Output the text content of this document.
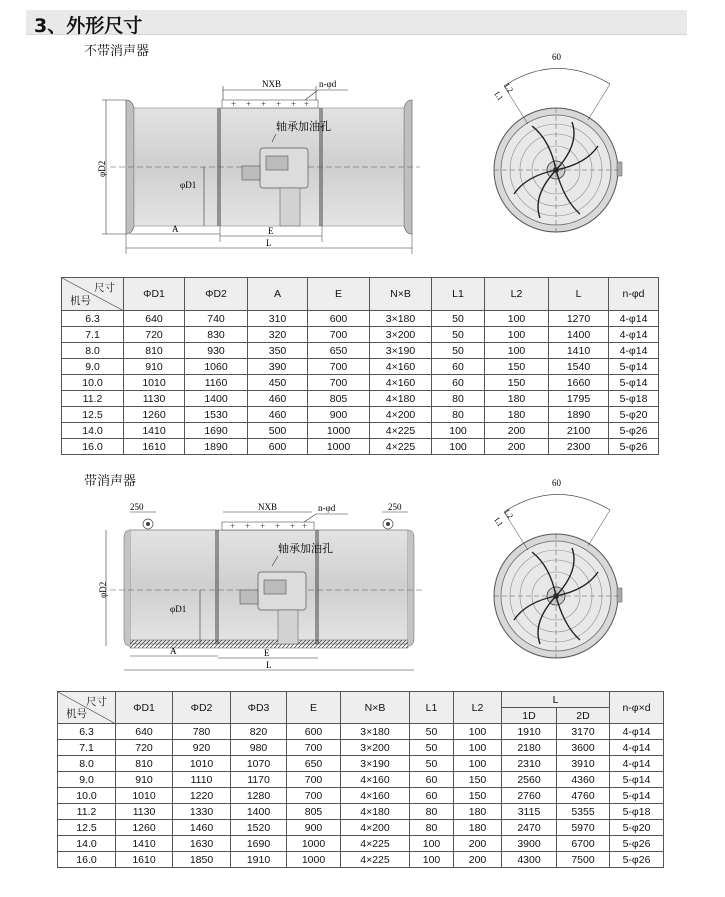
3、外形尺寸
不带消声器
+ + + + + +
NXB	n-φd
轴承加油孔
φD2
φD1
A	E
L
60
L1
L2
尺寸
机号	ΦD1	ΦD2	A	E	N×B	L1	L2	L	n-φd
6.3	640	740	310	600	3×180	50	100	1270	4-φ14
7.1	720	830	320	700	3×200	50	100	1400	4-φ14
8.0	810	930	350	650	3×190	50	100	1410	4-φ14
9.0	910	1060	390	700	4×160	60	150	1540	5-φ14
10.0	1010	1160	450	700	4×160	60	150	1660	5-φ14
11.2	1130	1400	460	805	4×180	80	180	1795	5-φ18
12.5	1260	1530	460	900	4×200	80	180	1890	5-φ20
14.0	1410	1690	500	1000	4×225	100	200	2100	5-φ26
16.0	1610	1890	600	1000	4×225	100	200	2300	5-φ26
带消声器
+ + + + + +
250	250
NXB	n-φd
轴承加油孔
φD2
φD1
A	E
L
60
L1
L2
尺寸
机号	ΦD1	ΦD2	ΦD3	E	N×B	L1	L2	L		n-φ×d
								1D	2D	
6.3	640	780	820	600	3×180	50	100	1910	3170	4-φ14
7.1	720	920	980	700	3×200	50	100	2180	3600	4-φ14
8.0	810	1010	1070	650	3×190	50	100	2310	3910	4-φ14
9.0	910	1110	1170	700	4×160	60	150	2560	4360	5-φ14
10.0	1010	1220	1280	700	4×160	60	150	2760	4760	5-φ14
11.2	1130	1330	1400	805	4×180	80	180	3115	5355	5-φ18
12.5	1260	1460	1520	900	4×200	80	180	2470	5970	5-φ20
14.0	1410	1630	1690	1000	4×225	100	200	3900	6700	5-φ26
16.0	1610	1850	1910	1000	4×225	100	200	4300	7500	5-φ26
